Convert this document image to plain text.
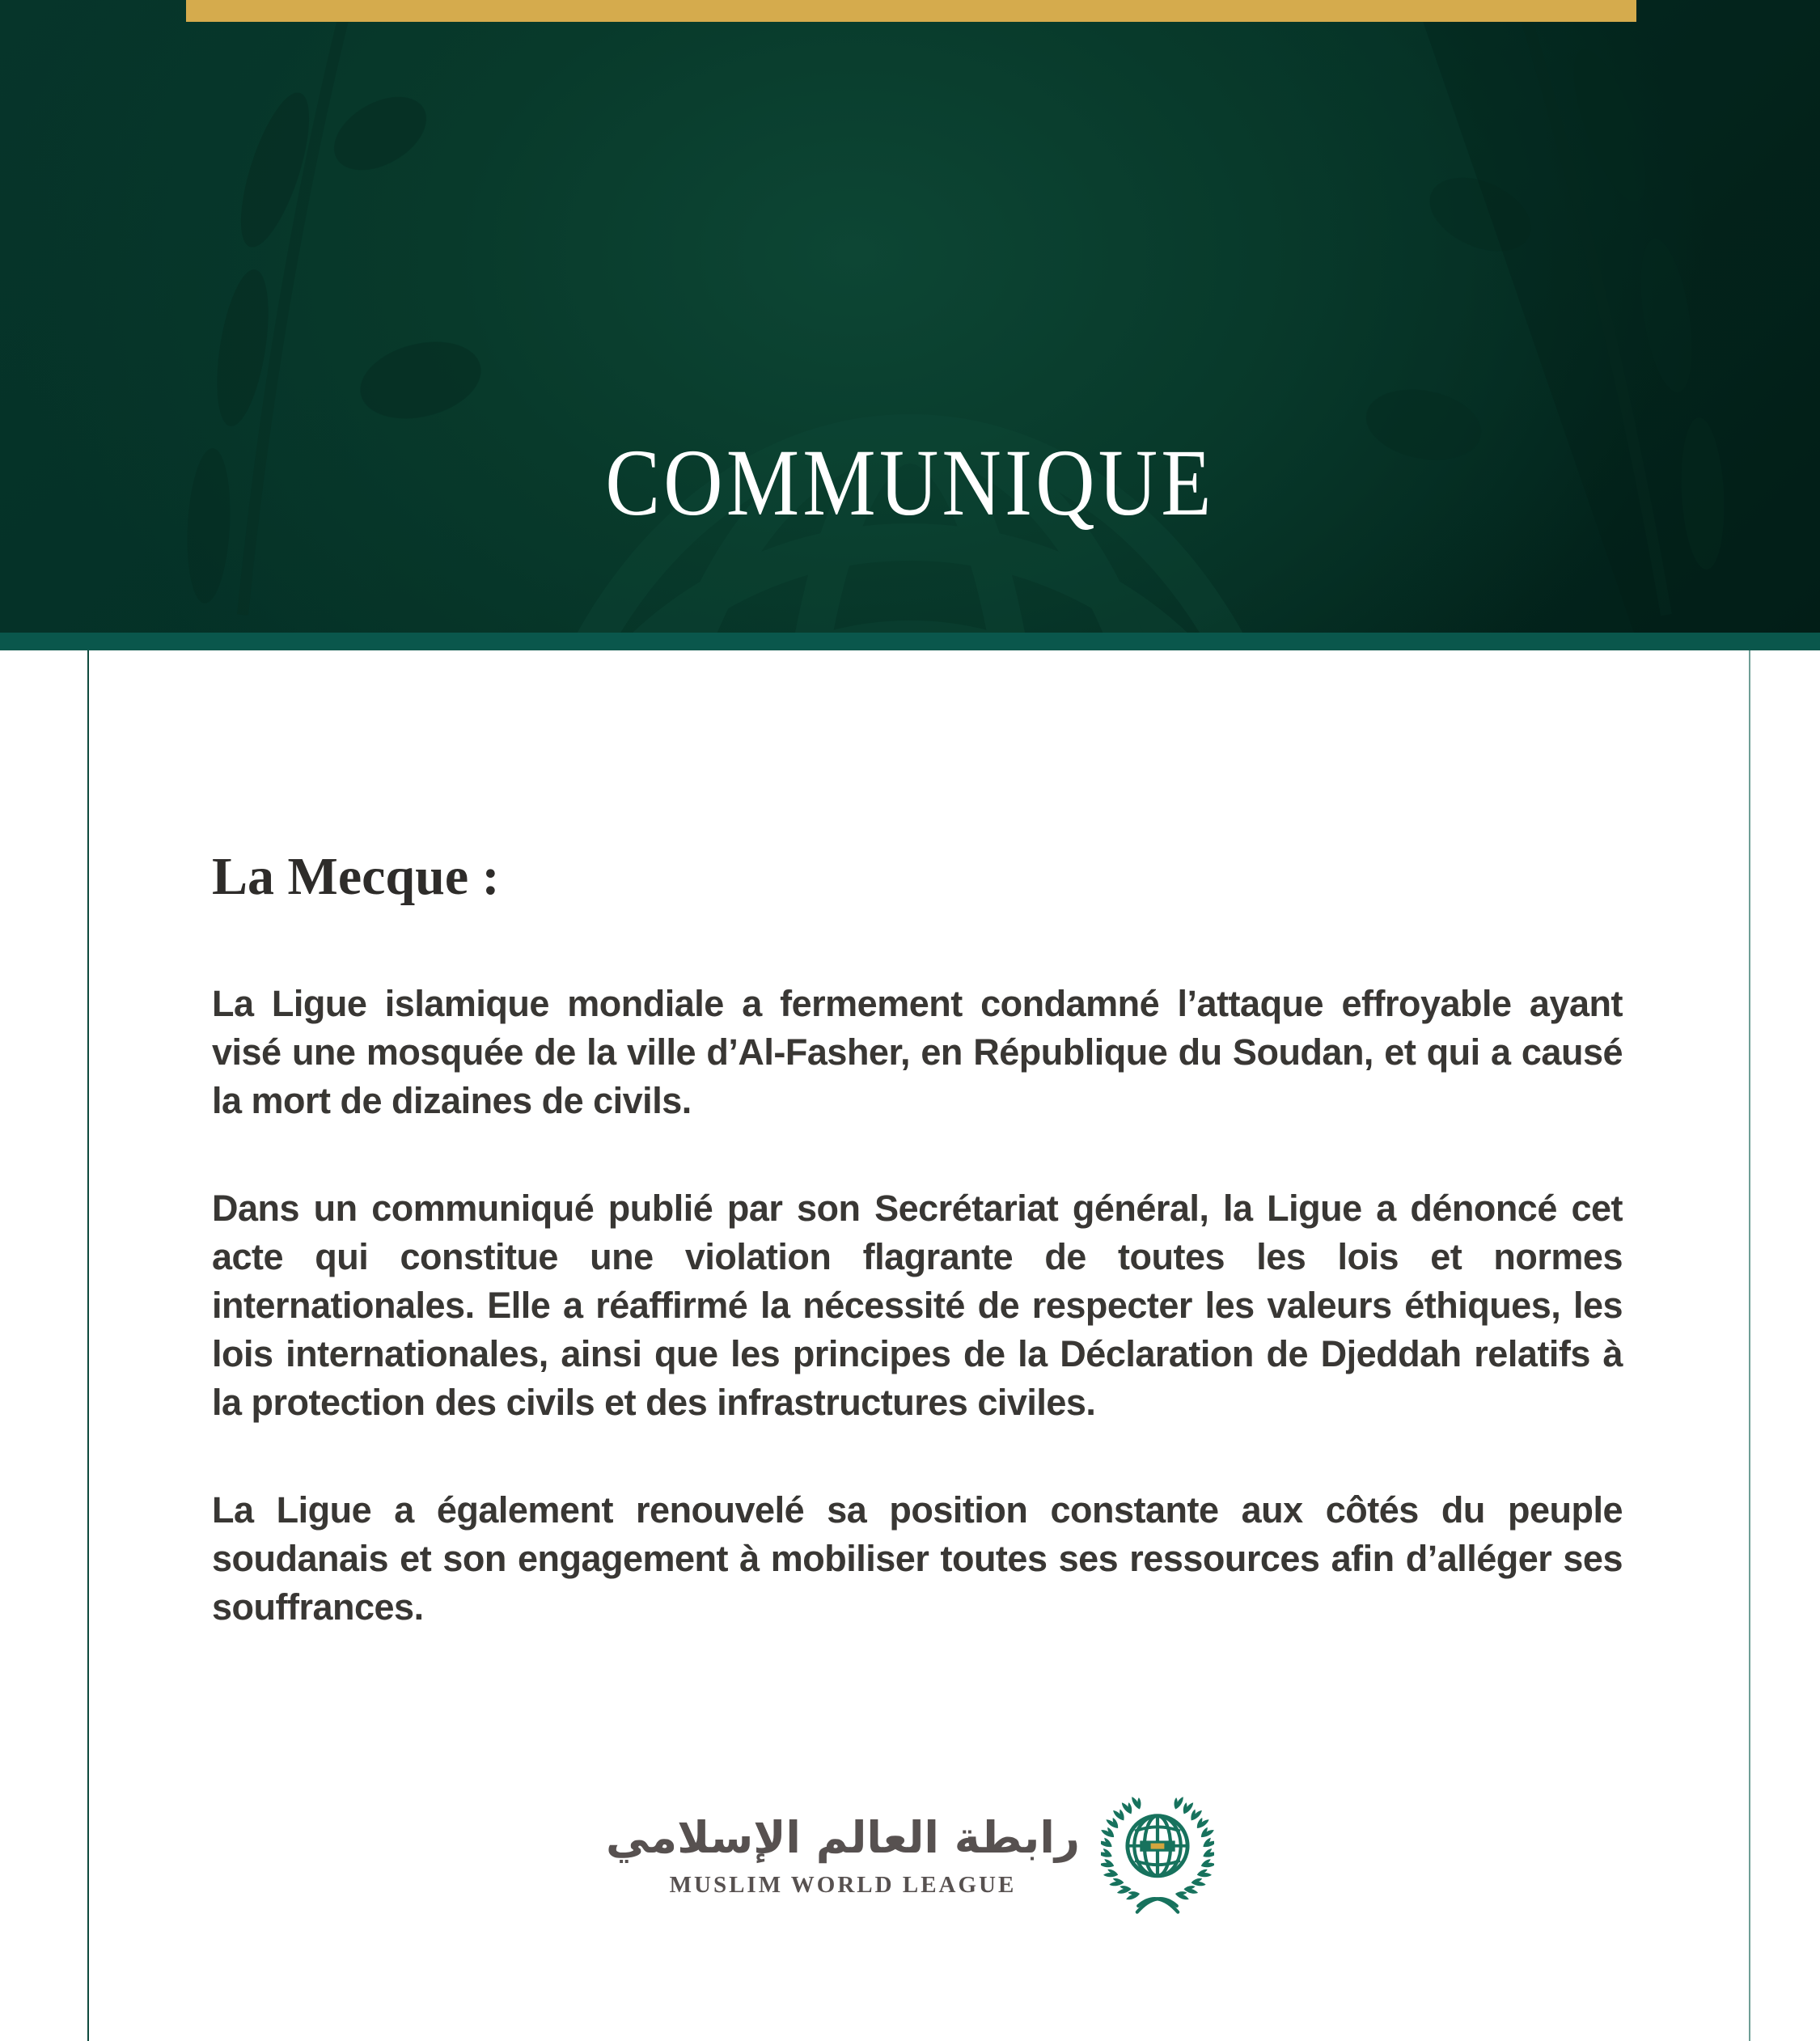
COMMUNIQUE
La Mecque :

La Ligue islamique mondiale a fermement condamné l’attaque effroyable ayant visé une mosquée de la ville d’Al-Fasher, en République du Soudan, et qui a causé la mort de dizaines de civils.

Dans un communiqué publié par son Secrétariat général, la Ligue a dénoncé cet acte qui constitue une violation flagrante de toutes les lois et normes internationales. Elle a réaffirmé la nécessité de respecter les valeurs éthiques, les lois internationales, ainsi que les principes de la Déclaration de Djeddah relatifs à la protection des civils et des infrastructures civiles.

La Ligue a également renouvelé sa position constante aux côtés du peuple soudanais et son engagement à mobiliser toutes ses ressources afin d’alléger ses souffrances.

رابطة العالم الإسلامي
MUSLIM WORLD LEAGUE
